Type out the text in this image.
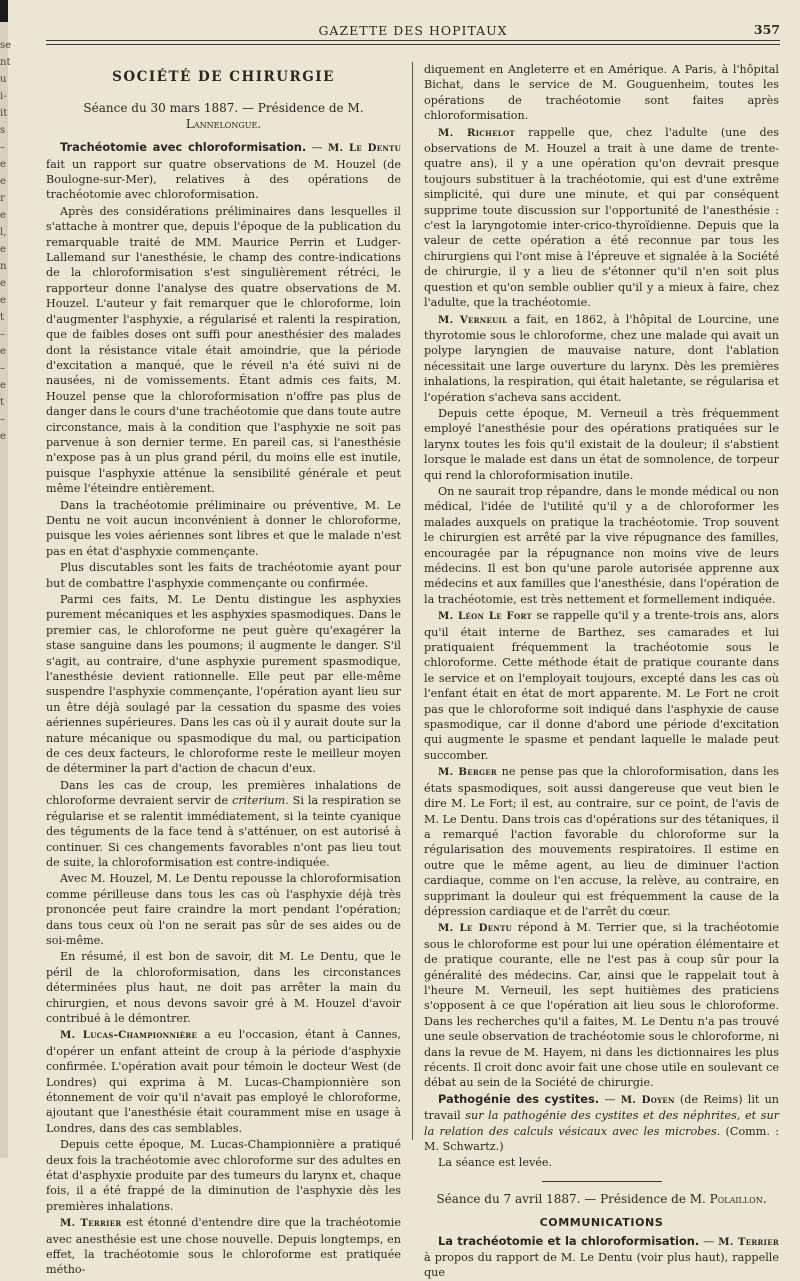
se
nt
u
i-
it
s
–
e
e
r
e
l,
e
n
e
e
t
–
e
–
e
t
–
e
GAZETTE DES HOPITAUX	357

SOCIÉTÉ DE CHIRURGIE

Séance du 30 mars 1887. — Présidence de M. Lannelongue.

Trachéotomie avec chloroformisation. — M. Le Dentu fait un rapport sur quatre observations de M. Houzel (de Boulogne-sur-Mer), relatives à des opérations de trachéotomie avec chloroformisation.

Après des considérations préliminaires dans lesquelles il s'attache à montrer que, depuis l'époque de la publication du remarquable traité de MM. Maurice Perrin et Ludger-Lallemand sur l'anesthésie, le champ des contre-indications de la chloroformisation s'est singulièrement rétréci, le rapporteur donne l'analyse des quatre observations de M. Houzel. L'auteur y fait remarquer que le chloroforme, loin d'augmenter l'asphyxie, a régularisé et ralenti la respiration, que de faibles doses ont suffi pour anesthésier des malades dont la résistance vitale était amoindrie, que la période d'excitation a manqué, que le réveil n'a été suivi ni de nausées, ni de vomissements. Étant admis ces faits, M. Houzel pense que la chloroformisation n'offre pas plus de danger dans le cours d'une trachéotomie que dans toute autre circonstance, mais à la condition que l'asphyxie ne soit pas parvenue à son dernier terme. En pareil cas, si l'anesthésie n'expose pas à un plus grand péril, du moins elle est inutile, puisque l'asphyxie atténue la sensibilité générale et peut même l'éteindre entièrement.

Dans la trachéotomie préliminaire ou préventive, M. Le Dentu ne voit aucun inconvénient à donner le chloroforme, puisque les voies aériennes sont libres et que le malade n'est pas en état d'asphyxie commençante.

Plus discutables sont les faits de trachéotomie ayant pour but de combattre l'asphyxie commençante ou confirmée.

Parmi ces faits, M. Le Dentu distingue les asphyxies purement mécaniques et les asphyxies spasmodiques. Dans le premier cas, le chloroforme ne peut guère qu'exagérer la stase sanguine dans les poumons; il augmente le danger. S'il s'agit, au contraire, d'une asphyxie purement spasmodique, l'anesthésie devient rationnelle. Elle peut par elle-même suspendre l'asphyxie commençante, l'opération ayant lieu sur un être déjà soulagé par la cessation du spasme des voies aériennes supérieures. Dans les cas où il y aurait doute sur la nature mécanique ou spasmodique du mal, ou participation de ces deux facteurs, le chloroforme reste le meilleur moyen de déterminer la part d'action de chacun d'eux.

Dans les cas de croup, les premières inhalations de chloroforme devraient servir de criterium. Si la respiration se régularise et se ralentit immédiatement, si la teinte cyanique des téguments de la face tend à s'atténuer, on est autorisé à continuer. Si ces changements favorables n'ont pas lieu tout de suite, la chloroformisation est contre-indiquée.

Avec M. Houzel, M. Le Dentu repousse la chloroformisation comme périlleuse dans tous les cas où l'asphyxie déjà très prononcée peut faire craindre la mort pendant l'opération; dans tous ceux où l'on ne serait pas sûr de ses aides ou de soi-même.

En résumé, il est bon de savoir, dit M. Le Dentu, que le péril de la chloroformisation, dans les circonstances déterminées plus haut, ne doit pas arrêter la main du chirurgien, et nous devons savoir gré à M. Houzel d'avoir contribué à le démontrer.

M. Lucas-Championnière a eu l'occasion, étant à Cannes, d'opérer un enfant atteint de croup à la période d'asphyxie confirmée. L'opération avait pour témoin le docteur West (de Londres) qui exprima à M. Lucas-Championnière son étonnement de voir qu'il n'avait pas employé le chloroforme, ajoutant que l'anesthésie était couramment mise en usage à Londres, dans des cas semblables.

Depuis cette époque, M. Lucas-Championnière a pratiqué deux fois la trachéotomie avec chloroforme sur des adultes en état d'asphyxie produite par des tumeurs du larynx et, chaque fois, il a été frappé de la diminution de l'asphyxie dès les premières inhalations.

M. Terrier est étonné d'entendre dire que la trachéotomie avec anesthésie est une chose nouvelle. Depuis longtemps, en effet, la trachéotomie sous le chloroforme est pratiquée métho-

diquement en Angleterre et en Amérique. A Paris, à l'hôpital Bichat, dans le service de M. Gouguenheim, toutes les opérations de trachéotomie sont faites après chloroformisation.

M. Richelot rappelle que, chez l'adulte (une des observations de M. Houzel a trait à une dame de trente-quatre ans), il y a une opération qu'on devrait presque toujours substituer à la trachéotomie, qui est d'une extrême simplicité, qui dure une minute, et qui par conséquent supprime toute discussion sur l'opportunité de l'anesthésie : c'est la laryngotomie inter-crico-thyroïdienne. Depuis que la valeur de cette opération a été reconnue par tous les chirurgiens qui l'ont mise à l'épreuve et signalée à la Société de chirurgie, il y a lieu de s'étonner qu'il n'en soit plus question et qu'on semble oublier qu'il y a mieux à faire, chez l'adulte, que la trachéotomie.

M. Verneuil a fait, en 1862, à l'hôpital de Lourcine, une thyrotomie sous le chloroforme, chez une malade qui avait un polype laryngien de mauvaise nature, dont l'ablation nécessitait une large ouverture du larynx. Dès les premières inhalations, la respiration, qui était haletante, se régularisa et l'opération s'acheva sans accident.

Depuis cette époque, M. Verneuil a très fréquemment employé l'anesthésie pour des opérations pratiquées sur le larynx toutes les fois qu'il existait de la douleur; il s'abstient lorsque le malade est dans un état de somnolence, de torpeur qui rend la chloroformisation inutile.

On ne saurait trop répandre, dans le monde médical ou non médical, l'idée de l'utilité qu'il y a de chloroformer les malades auxquels on pratique la trachéotomie. Trop souvent le chirurgien est arrêté par la vive répugnance des familles, encouragée par la répugnance non moins vive de leurs médecins. Il est bon qu'une parole autorisée apprenne aux médecins et aux familles que l'anesthésie, dans l'opération de la trachéotomie, est très nettement et formellement indiquée.

M. Léon Le Fort se rappelle qu'il y a trente-trois ans, alors qu'il était interne de Barthez, ses camarades et lui pratiquaient fréquemment la trachéotomie sous le chloroforme. Cette méthode était de pratique courante dans le service et on l'employait toujours, excepté dans les cas où l'enfant était en état de mort apparente. M. Le Fort ne croit pas que le chloroforme soit indiqué dans l'asphyxie de cause spasmodique, car il donne d'abord une période d'excitation qui augmente le spasme et pendant laquelle le malade peut succomber.

M. Berger ne pense pas que la chloroformisation, dans les états spasmodiques, soit aussi dangereuse que veut bien le dire M. Le Fort; il est, au contraire, sur ce point, de l'avis de M. Le Dentu. Dans trois cas d'opérations sur des tétaniques, il a remarqué l'action favorable du chloroforme sur la régularisation des mouvements respiratoires. Il estime en outre que le même agent, au lieu de diminuer l'action cardiaque, comme on l'en accuse, la relève, au contraire, en supprimant la douleur qui est fréquemment la cause de la dépression cardiaque et de l'arrêt du cœur.

M. Le Dentu répond à M. Terrier que, si la trachéotomie sous le chloroforme est pour lui une opération élémentaire et de pratique courante, elle ne l'est pas à coup sûr pour la généralité des médecins. Car, ainsi que le rappelait tout à l'heure M. Verneuil, les sept huitièmes des praticiens s'opposent à ce que l'opération ait lieu sous le chloroforme. Dans les recherches qu'il a faites, M. Le Dentu n'a pas trouvé une seule observation de trachéotomie sous le chloroforme, ni dans la revue de M. Hayem, ni dans les dictionnaires les plus récents. Il croit donc avoir fait une chose utile en soulevant ce débat au sein de la Société de chirurgie.

Pathogénie des cystites. — M. Doyen (de Reims) lit un travail sur la pathogénie des cystites et des néphrites, et sur la relation des calculs vésicaux avec les microbes. (Comm. : M. Schwartz.)

La séance est levée.

Séance du 7 avril 1887. — Présidence de M. Polaillon.

COMMUNICATIONS

La trachéotomie et la chloroformisation. — M. Terrier à propos du rapport de M. Le Dentu (voir plus haut), rappelle que
